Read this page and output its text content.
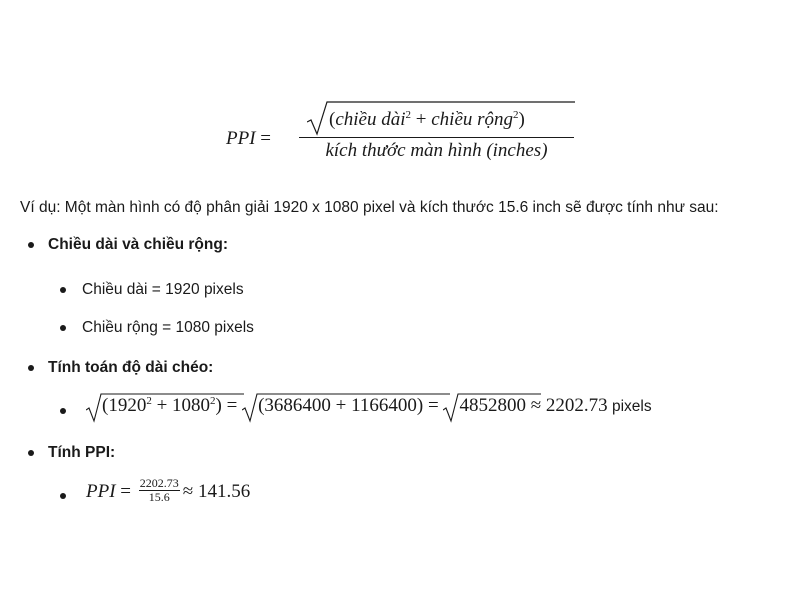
PPI =
(chiều dài$^2$ + chiều rộng$^2$)
kích thước màn hình (inches)
Ví dụ: Một màn hình có độ phân giải 1920 x 1080 pixel và kích thước 15.6 inch sẽ được tính như sau:
Chiều dài và chiều rộng:
Chiều dài = 1920 pixels
Chiều rộng = 1080 pixels
Tính toán độ dài chéo:
$(1920^2 + 1080^2)$ =
(3686400 + 1166400) =
4852800 ≈ 2202.73 pixels
Tính PPI:
PPI = $\frac{2202.73}{15.6} \approx 141.56$
